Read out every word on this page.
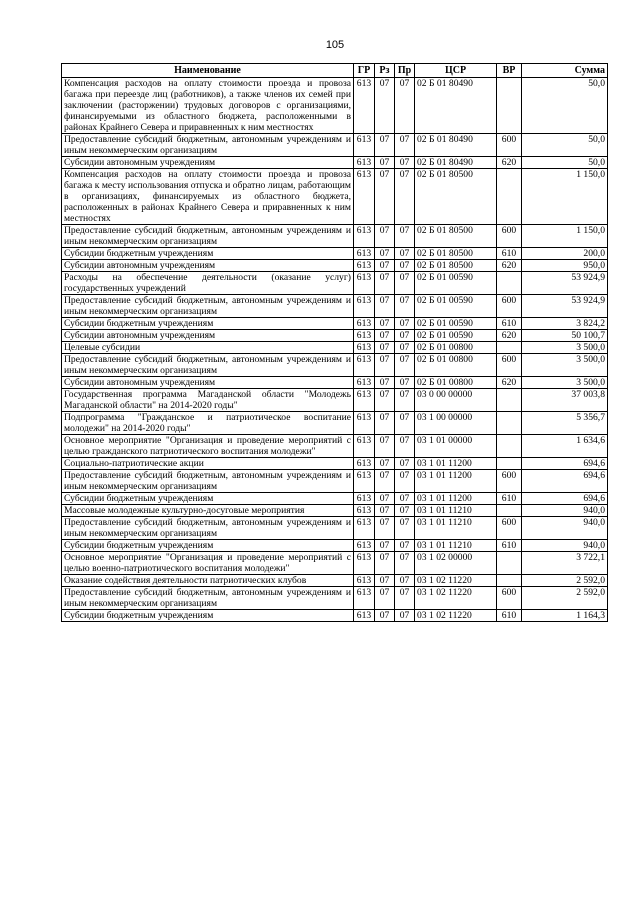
105
Наименование	ГР	Рз	Пр	ЦСР	ВР	Сумма
Компенсация расходов на оплату стоимости проезда и провоза багажа при переезде лиц (работников), а также членов их семей при заключении (расторжении) трудовых договоров с организациями, финансируемыми из областного бюджета, расположенными в районах Крайнего Севера и приравненных к ним местностях	613	07	07	02 Б 01 80490		50,0
Предоставление субсидий бюджетным, автономным учреждениям и иным некоммерческим организациям	613	07	07	02 Б 01 80490	600	50,0
Субсидии автономным учреждениям	613	07	07	02 Б 01 80490	620	50,0
Компенсация расходов на оплату стоимости проезда и провоза багажа к месту использования отпуска и обратно лицам, работающим в организациях, финансируемых из областного бюджета, расположенных в районах Крайнего Севера и приравненных к ним местностях	613	07	07	02 Б 01 80500		1 150,0
Предоставление субсидий бюджетным, автономным учреждениям и иным некоммерческим организациям	613	07	07	02 Б 01 80500	600	1 150,0
Субсидии бюджетным учреждениям	613	07	07	02 Б 01 80500	610	200,0
Субсидии автономным учреждениям	613	07	07	02 Б 01 80500	620	950,0
Расходы на обеспечение деятельности (оказание услуг) государственных учреждений	613	07	07	02 Б 01 00590		53 924,9
Предоставление субсидий бюджетным, автономным учреждениям и иным некоммерческим организациям	613	07	07	02 Б 01 00590	600	53 924,9
Субсидии бюджетным учреждениям	613	07	07	02 Б 01 00590	610	3 824,2
Субсидии автономным учреждениям	613	07	07	02 Б 01 00590	620	50 100,7
Целевые субсидии	613	07	07	02 Б 01 00800		3 500,0
Предоставление субсидий бюджетным, автономным учреждениям и иным некоммерческим организациям	613	07	07	02 Б 01 00800	600	3 500,0
Субсидии автономным учреждениям	613	07	07	02 Б 01 00800	620	3 500,0
Государственная программа Магаданской области "Молодежь Магаданской области" на 2014-2020 годы"	613	07	07	03 0 00 00000		37 003,8
Подпрограмма "Гражданское и патриотическое воспитание молодежи" на 2014-2020 годы"	613	07	07	03 1 00 00000		5 356,7
Основное мероприятие "Организация и проведение мероприятий с целью гражданского патриотического воспитания молодежи"	613	07	07	03 1 01 00000		1 634,6
Социально-патриотические акции	613	07	07	03 1 01 11200		694,6
Предоставление субсидий бюджетным, автономным учреждениям и иным некоммерческим организациям	613	07	07	03 1 01 11200	600	694,6
Субсидии бюджетным учреждениям	613	07	07	03 1 01 11200	610	694,6
Массовые молодежные культурно-досуговые мероприятия	613	07	07	03 1 01 11210		940,0
Предоставление субсидий бюджетным, автономным учреждениям и иным некоммерческим организациям	613	07	07	03 1 01 11210	600	940,0
Субсидии бюджетным учреждениям	613	07	07	03 1 01 11210	610	940,0
Основное мероприятие "Организация и проведение мероприятий с целью военно-патриотического воспитания молодежи"	613	07	07	03 1 02 00000		3 722,1
Оказание содействия деятельности патриотических клубов	613	07	07	03 1 02 11220		2 592,0
Предоставление субсидий бюджетным, автономным учреждениям и иным некоммерческим организациям	613	07	07	03 1 02 11220	600	2 592,0
Субсидии бюджетным учреждениям	613	07	07	03 1 02 11220	610	1 164,3
